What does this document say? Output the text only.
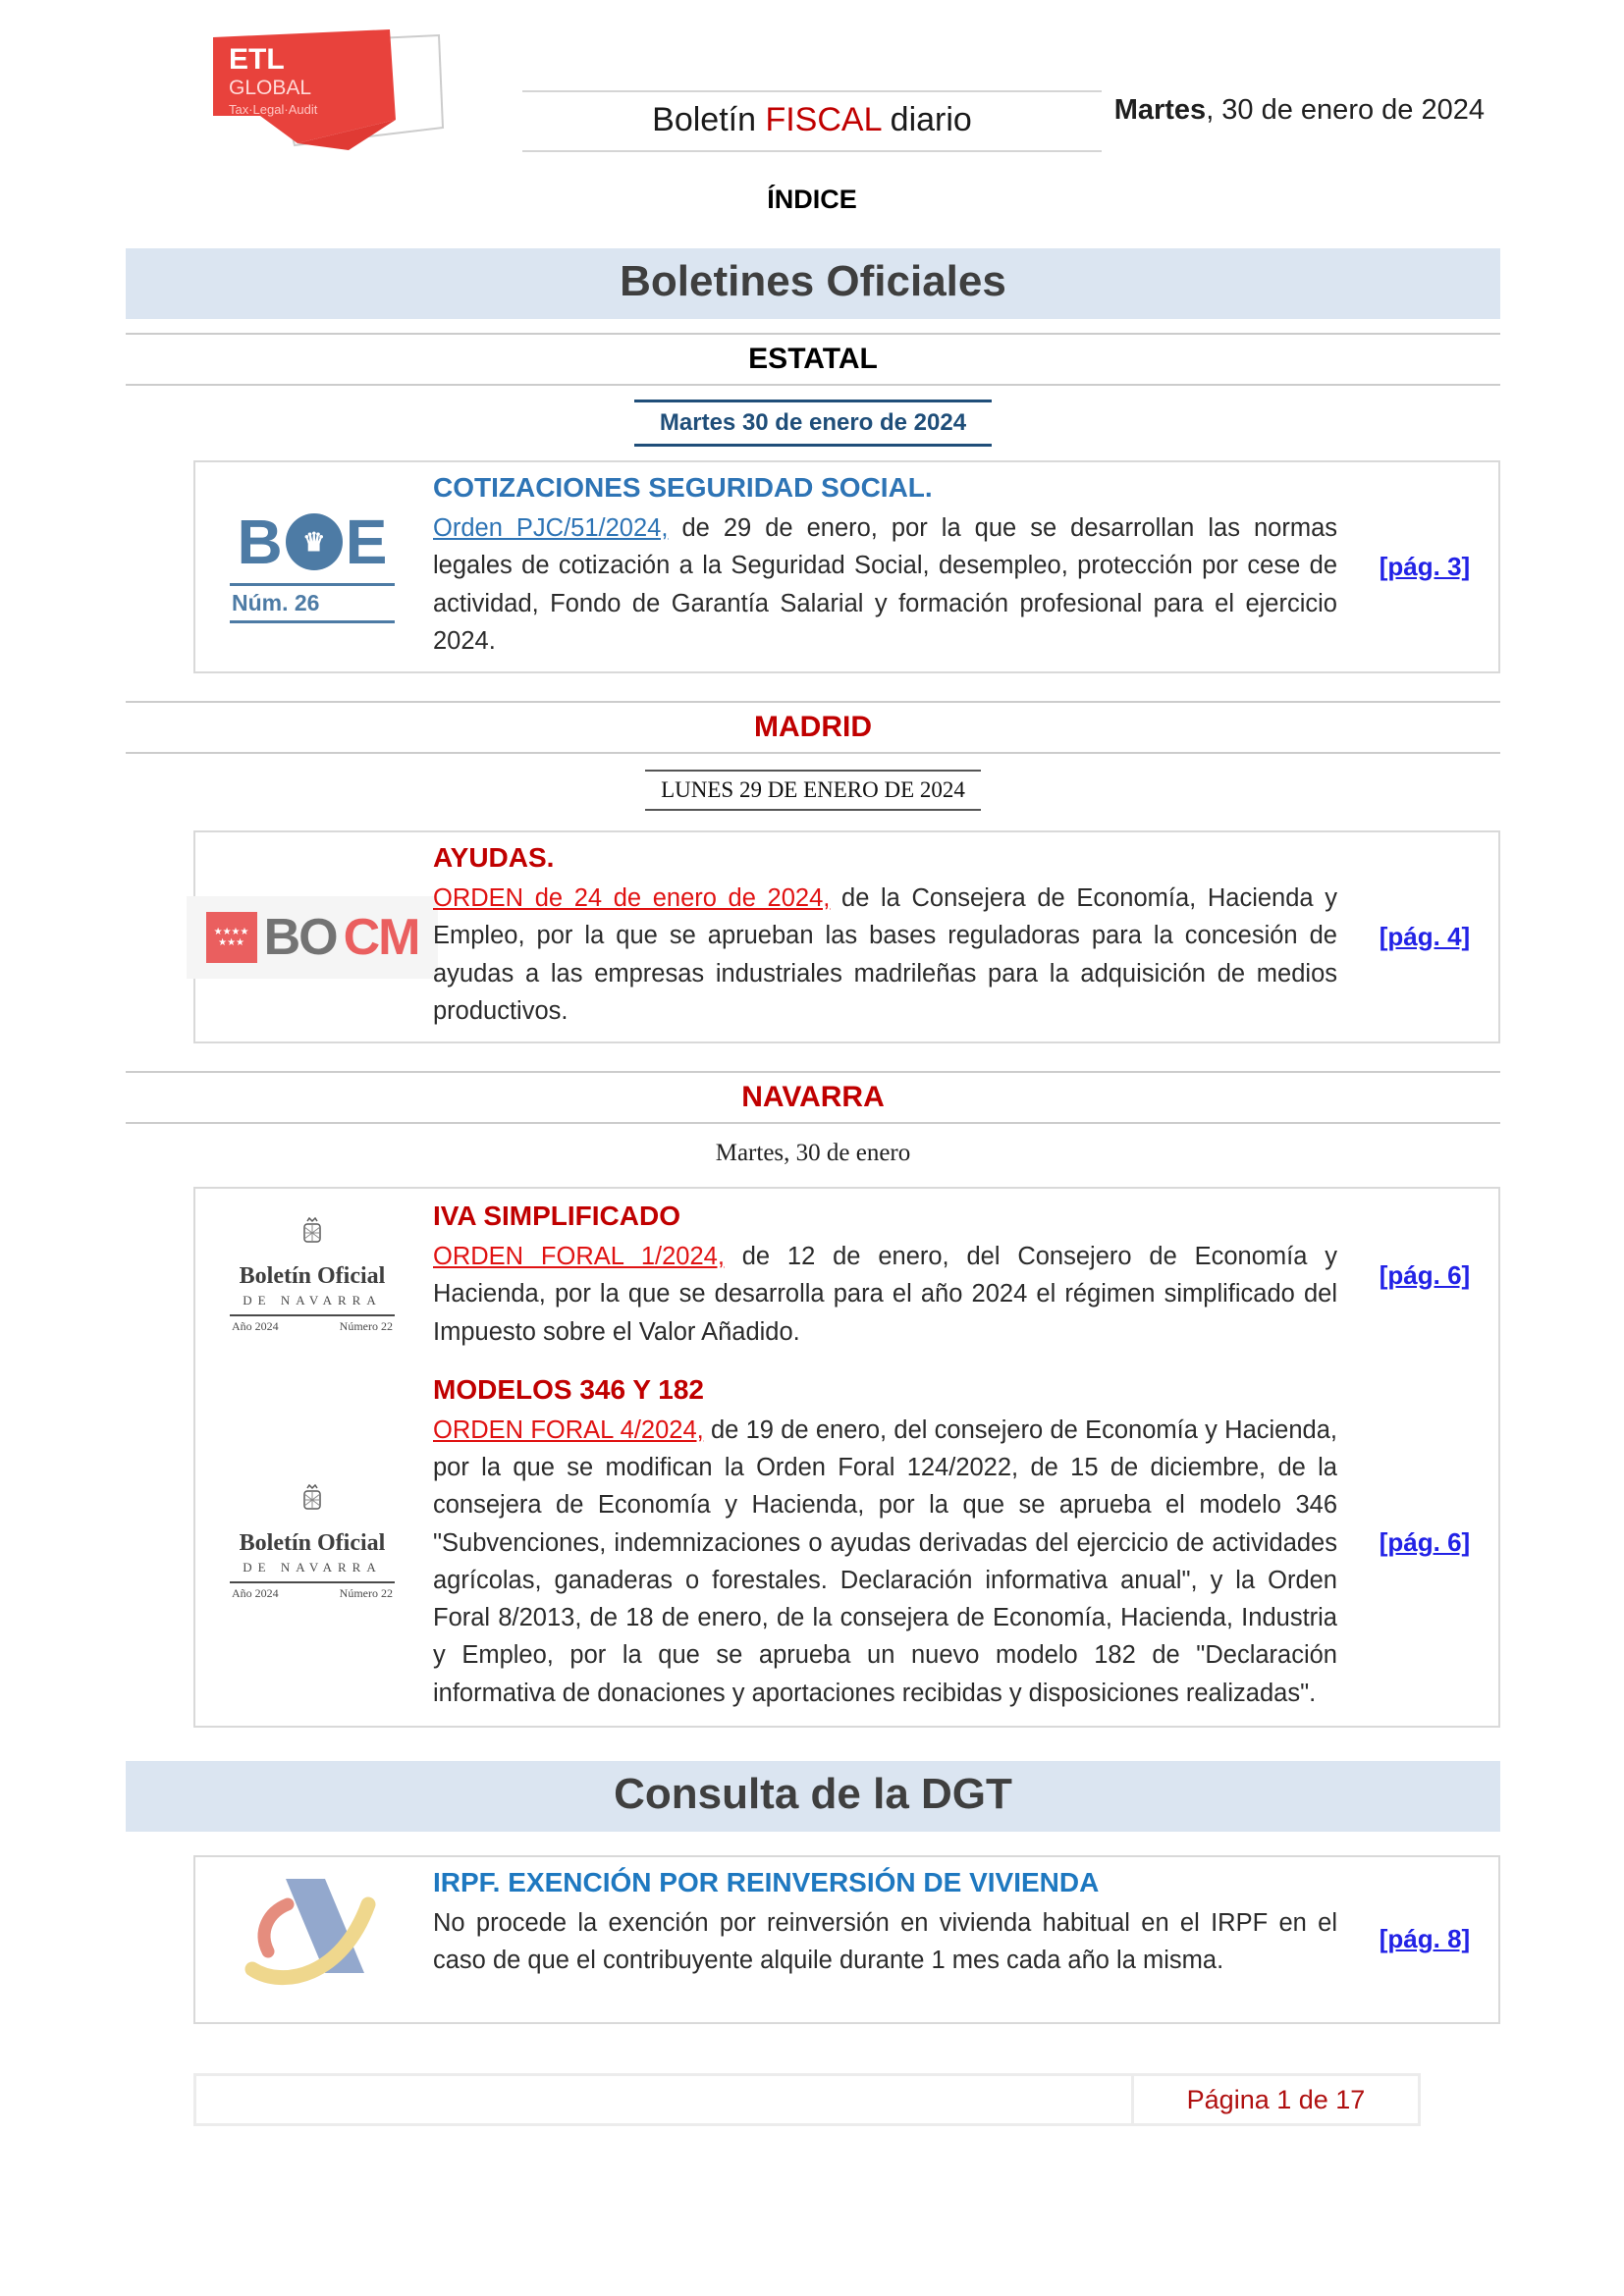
ETL
GLOBAL
Tax·Legal·Audit	Boletín FISCAL diario	Martes, 30 de enero de 2024
ÍNDICE
Boletines Oficiales
ESTATAL
Martes 30 de enero de 2024
B ♛ E
Núm. 26
COTIZACIONES SEGURIDAD SOCIAL.
Orden PJC/51/2024, de 29 de enero, por la que se desarrollan las normas legales de cotización a la Seguridad Social, desempleo, protección por cese de actividad, Fondo de Garantía Salarial y formación profesional para el ejercicio 2024.
[pág. 3]
MADRID
LUNES 29 DE ENERO DE 2024
★★★★
★★★ BO CM
AYUDAS.
ORDEN de 24 de enero de 2024, de la Consejera de Economía, Hacienda y Empleo, por la que se aprueban las bases reguladoras para la concesión de ayudas a las empresas industriales madrileñas para la adquisición de medios productivos.
[pág. 4]
NAVARRA
Martes, 30 de enero
Boletín Oficial
DE NAVARRA
Año 2024	Número 22
IVA SIMPLIFICADO
ORDEN FORAL 1/2024, de 12 de enero, del Consejero de Economía y Hacienda, por la que se desarrolla para el año 2024 el régimen simplificado del Impuesto sobre el Valor Añadido.
[pág. 6]
Boletín Oficial
DE NAVARRA
Año 2024	Número 22
MODELOS 346 Y 182
ORDEN FORAL 4/2024, de 19 de enero, del consejero de Economía y Hacienda, por la que se modifican la Orden Foral 124/2022, de 15 de diciembre, de la consejera de Economía y Hacienda, por la que se aprueba el modelo 346 "Subvenciones, indemnizaciones o ayudas derivadas del ejercicio de actividades agrícolas, ganaderas o forestales. Declaración informativa anual", y la Orden Foral 8/2013, de 18 de enero, de la consejera de Economía, Hacienda, Industria y Empleo, por la que se aprueba un nuevo modelo 182 de "Declaración informativa de donaciones y aportaciones recibidas y disposiciones realizadas".
[pág. 6]
Consulta de la DGT
IRPF. EXENCIÓN POR REINVERSIÓN DE VIVIENDA
No procede la exención por reinversión en vivienda habitual en el IRPF en el caso de que el contribuyente alquile durante 1 mes cada año la misma.
[pág. 8]
Página 1 de 17
